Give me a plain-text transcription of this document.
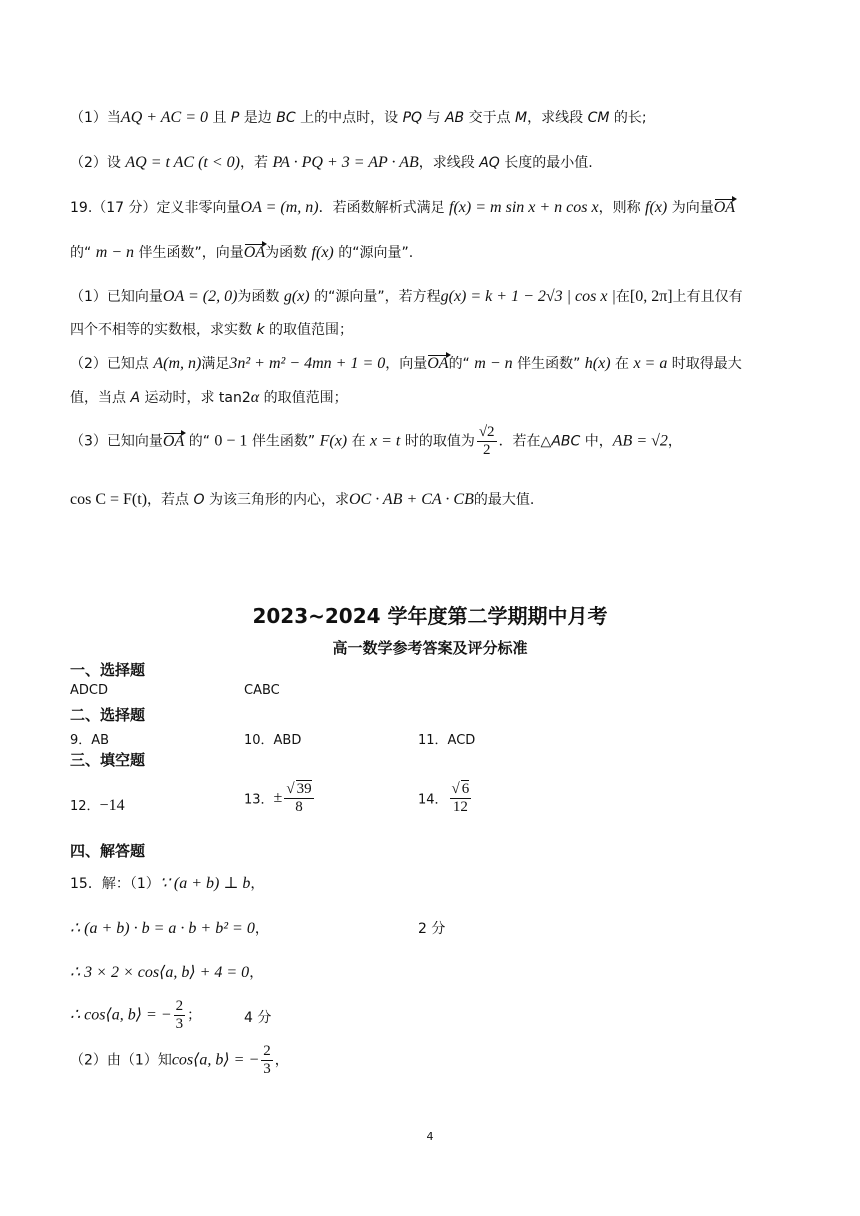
（1）当AQ + AC = 0 且 P 是边 BC 上的中点时，设 PQ 与 AB 交于点 M，求线段 CM 的长;
（2）设 AQ = t AC (t < 0)，若 PA · PQ + 3 = AP · AB，求线段 AQ 长度的最小值.
19.（17 分）定义非零向量OA = (m, n)．若函数解析式满足 f(x) = m sin x + n cos x，则称 f(x) 为向量OA
的“ m − n 伴生函数”，向量OA为函数 f(x) 的“源向量”.
（1）已知向量OA = (2, 0)为函数 g(x) 的“源向量”，若方程g(x) = k + 1 − 2√3 | cos x |在[0, 2π]上有且仅有
四个不相等的实数根，求实数 k 的取值范围；
（2）已知点 A(m, n)满足3n² + m² − 4mn + 1 = 0，向量OA的“ m − n 伴生函数” h(x) 在 x = a 时取得最大
值，当点 A 运动时，求 tan2α 的取值范围；
（3）已知向量OA 的“ 0 − 1 伴生函数” F(x) 在 x = t 时的取值为 $\frac{√2}{2}$ ．若在△ABC 中，AB = √2，
cos C = F(t)，若点 O 为该三角形的内心，求OC · AB + CA · CB的最大值.
2023~2024 学年度第二学期期中月考
高一数学参考答案及评分标准
一、选择题
ADCD	CABC
二、选择题
9．AB	10．ABD	11．ACD
三、填空题
12．−14	13．± $\frac{√ 39}{8}$	14． $\frac{√ 6}{12}$
四、解答题
15．解：（1）∵ (a + b) ⊥ b，
∴ (a + b) · b = a · b + b² = 0，	2 分
∴ 3 × 2 × cos⟨a, b⟩ + 4 = 0，
∴ cos⟨a, b⟩ = − $\frac{2}{3}$ ；	4 分
（2）由（1）知cos⟨a, b⟩ = − $\frac{2}{3}$ ，
4
